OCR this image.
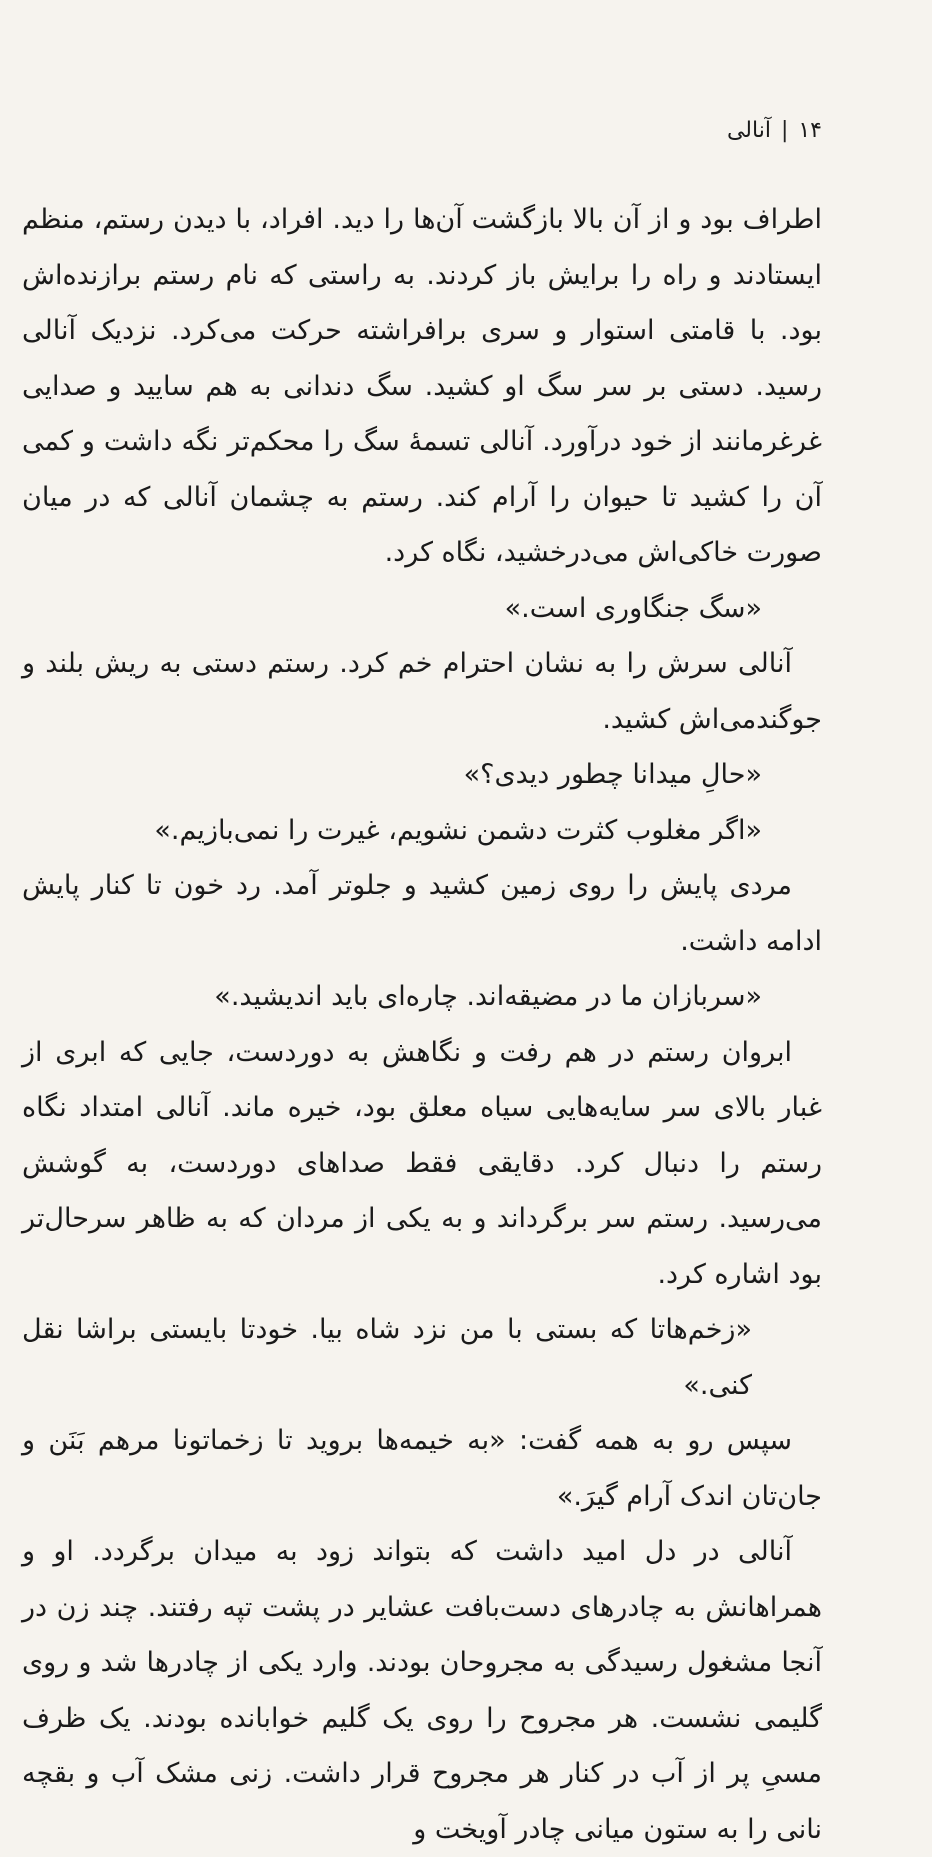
۱۴
|
آنالی

اطراف بود و از آن بالا بازگشت آن‌ها را دید. افراد، با دیدن رستم، منظم ایستادند و راه را برایش باز کردند. به راستی که نام رستم برازنده‌اش بود. با قامتی استوار و سری برافراشته حرکت می‌کرد. نزدیک آنالی رسید. دستی بر سر سگ او کشید. سگ دندانی به هم سایید و صدایی غرغرمانند از خود درآورد. آنالی تسمهٔ سگ را محکم‌تر نگه داشت و کمی آن را کشید تا حیوان را آرام کند. رستم به چشمان آنالی که در میان صورت خاکی‌اش می‌درخشید، نگاه کرد.

«سگ جنگاوری است.»

آنالی سرش را به نشان احترام خم کرد. رستم دستی به ریش بلند و جوگندمی‌اش کشید.

«حالِ میدانا چطور دیدی؟»

«اگر مغلوب کثرت دشمن نشویم، غیرت را نمی‌بازیم.»

مردی پایش را روی زمین کشید و جلوتر آمد. رد خون تا کنار پایش ادامه داشت.

«سربازان ما در مضیقه‌اند. چاره‌ای باید اندیشید.»

ابروان رستم در هم رفت و نگاهش به دوردست، جایی که ابری از غبار بالای سر سایه‌هایی سیاه معلق بود، خیره ماند. آنالی امتداد نگاه رستم را دنبال کرد. دقایقی فقط صداهای دوردست، به گوشش می‌رسید. رستم سر برگرداند و به یکی از مردان که به ظاهر سرحال‌تر بود اشاره کرد.

«زخم‌هاتا که بستی با من نزد شاه بیا. خودتا بایستی براشا نقل کنی.»

سپس رو به همه گفت: «به خیمه‌ها بروید تا زخماتونا مرهم بَنَن و جان‌تان اندک آرام گیرَ.»

آنالی در دل امید داشت که بتواند زود به میدان برگردد. او و همراهانش به چادرهای دست‌بافت عشایر در پشت تپه رفتند. چند زن در آنجا مشغول رسیدگی به مجروحان بودند. وارد یکی از چادرها شد و روی گلیمی نشست. هر مجروح را روی یک گلیم خوابانده بودند. یک ظرف مسیِ پر از آب در کنار هر مجروح قرار داشت. زنی مشک آب و بقچه نانی را به ستون میانی چادر آویخت و
